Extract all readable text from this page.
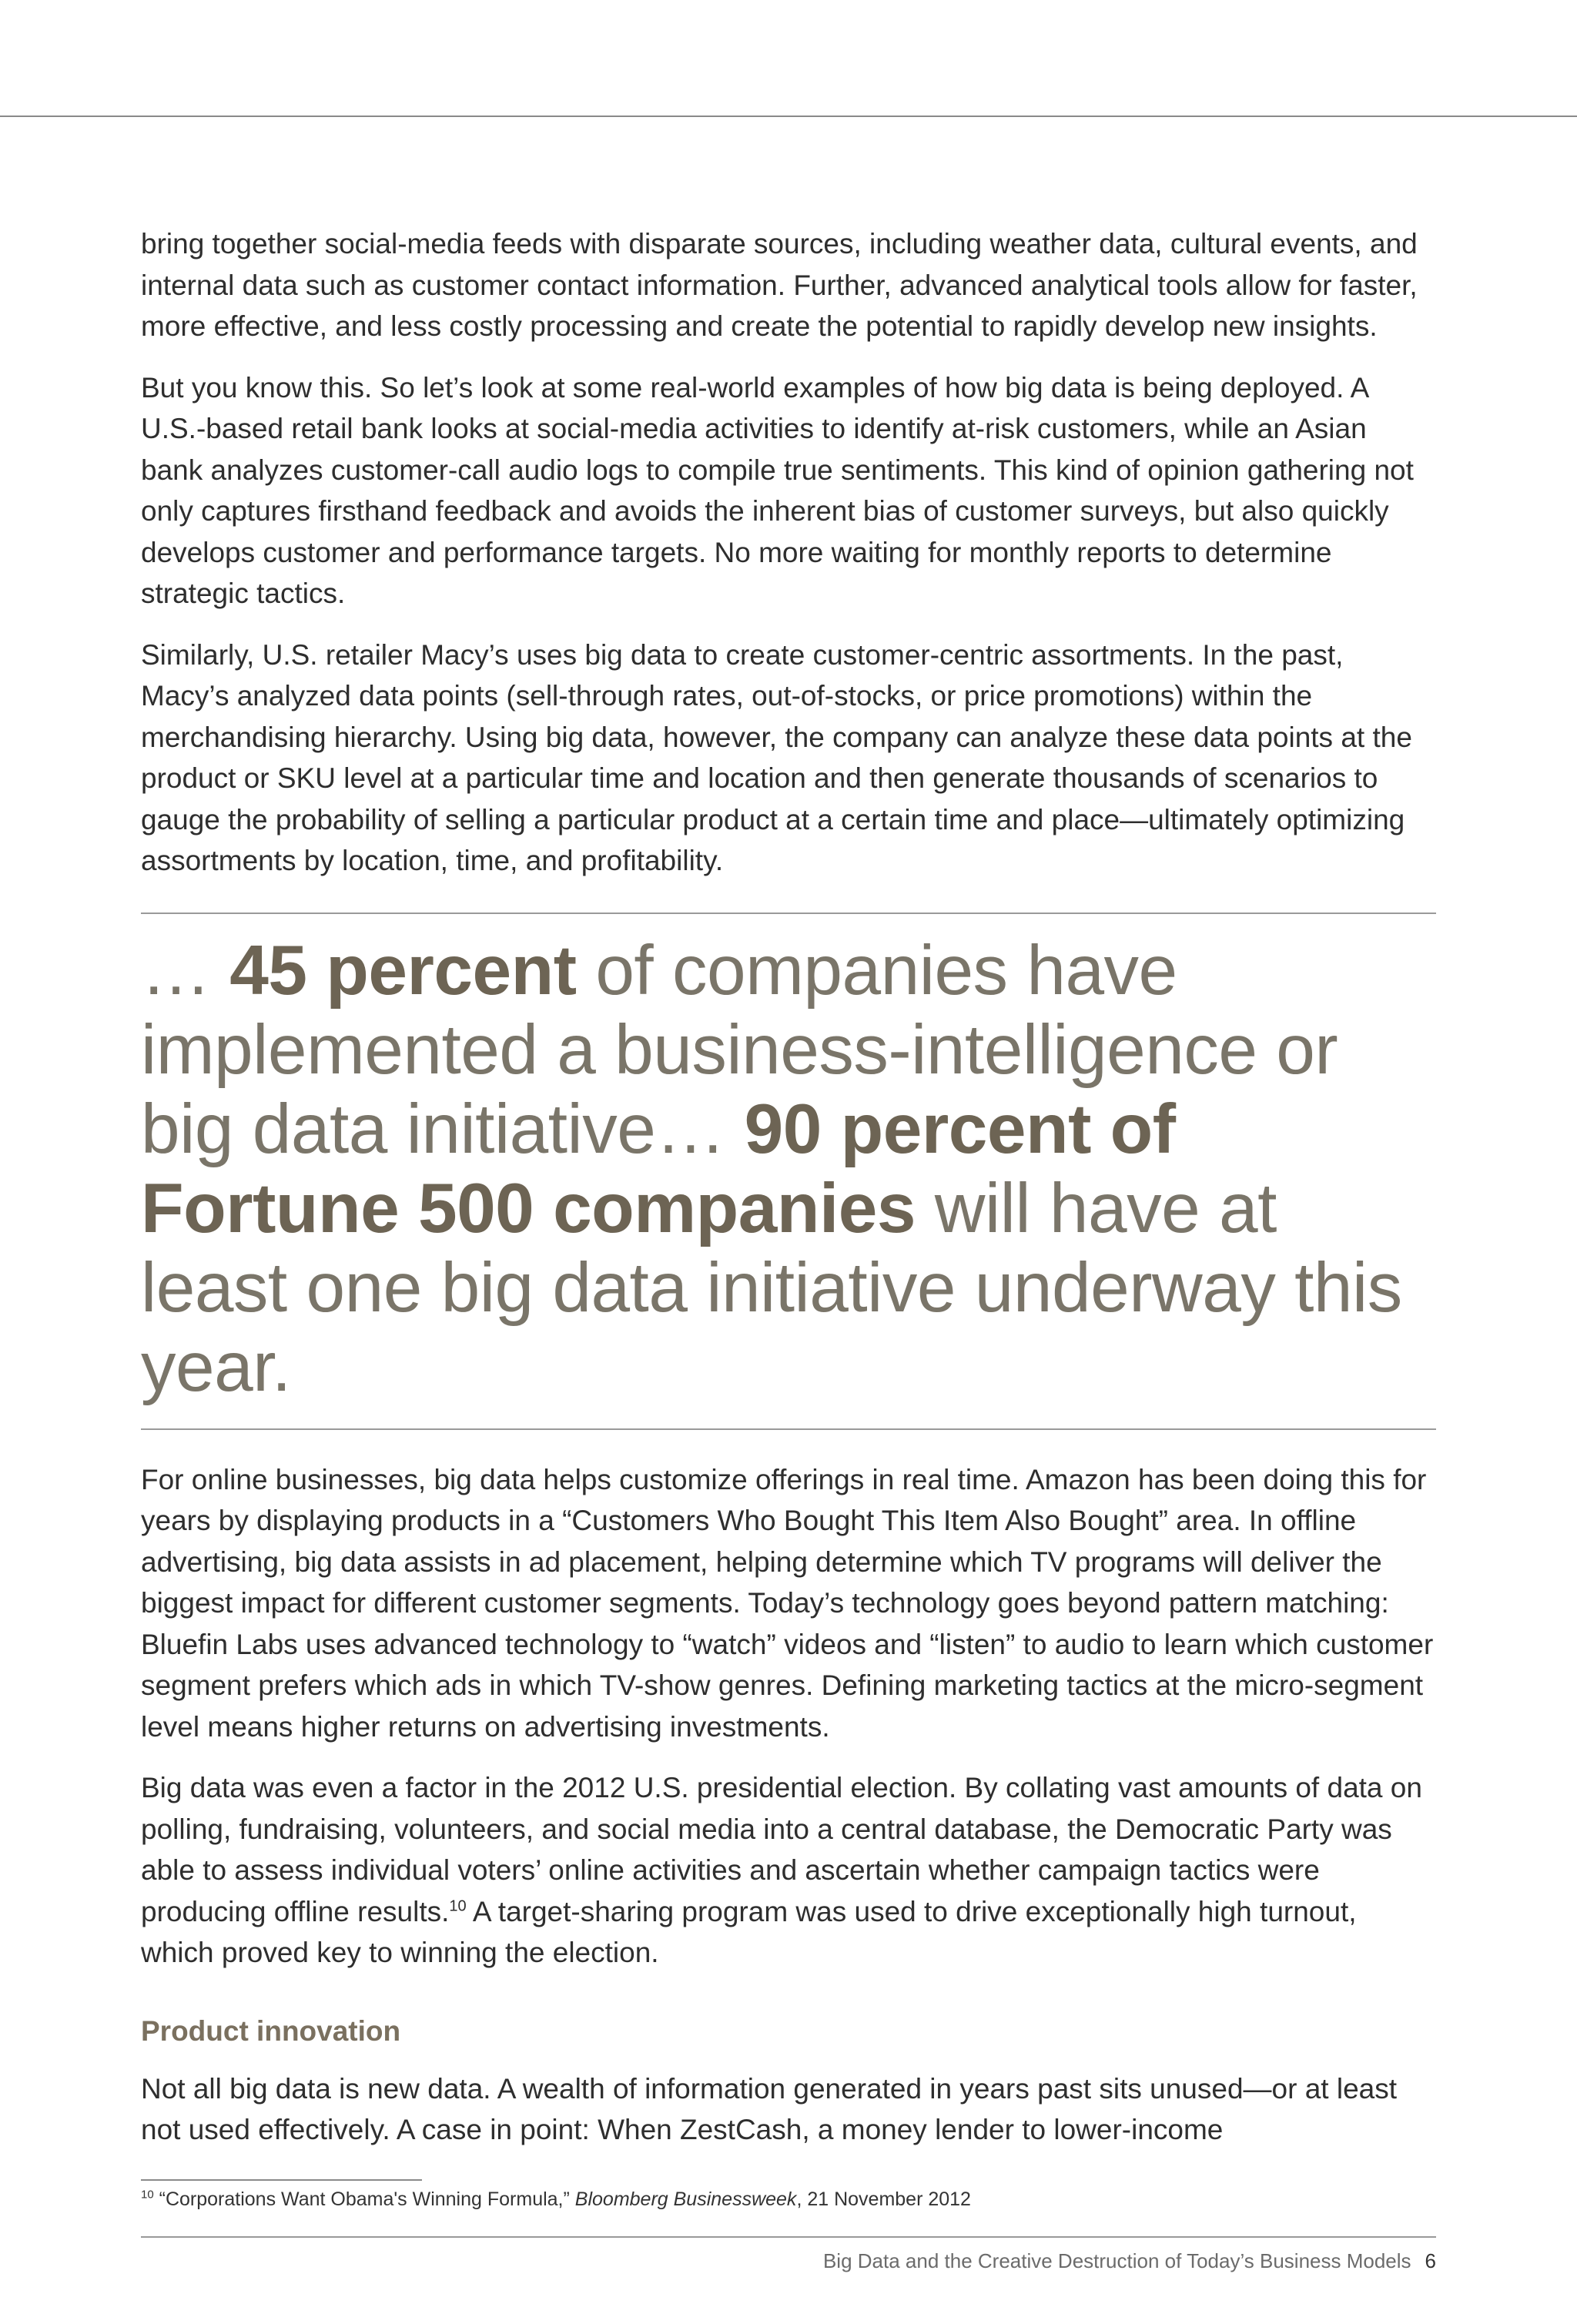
bring together social-media feeds with disparate sources, including weather data, cultural events, and internal data such as customer contact information. Further, advanced analytical tools allow for faster, more effective, and less costly processing and create the potential to rapidly develop new insights.

But you know this. So let’s look at some real-world examples of how big data is being deployed. A U.S.-based retail bank looks at social-media activities to identify at-risk customers, while an Asian bank analyzes customer-call audio logs to compile true sentiments. This kind of opinion gathering not only captures firsthand feedback and avoids the inherent bias of customer surveys, but also quickly develops customer and performance targets. No more waiting for monthly reports to determine strategic tactics.

Similarly, U.S. retailer Macy’s uses big data to create customer-centric assortments. In the past, Macy’s analyzed data points (sell-through rates, out-of-stocks, or price promotions) within the merchandising hierarchy. Using big data, however, the company can analyze these data points at the product or SKU level at a particular time and location and then generate thousands of scenarios to gauge the probability of selling a particular product at a certain time and place—ultimately optimizing assortments by location, time, and profitability.

… 45 percent of companies have implemented a business-intelligence or big data initiative… 90 percent of Fortune 500 companies will have at least one big data initiative underway this year.

For online businesses, big data helps customize offerings in real time. Amazon has been doing this for years by displaying products in a “Customers Who Bought This Item Also Bought” area. In offline advertising, big data assists in ad placement, helping determine which TV programs will deliver the biggest impact for different customer segments. Today’s technology goes beyond pattern matching: Bluefin Labs uses advanced technology to “watch” videos and “listen” to audio to learn which customer segment prefers which ads in which TV-show genres. Defining marketing tactics at the micro-segment level means higher returns on advertising investments.

Big data was even a factor in the 2012 U.S. presidential election. By collating vast amounts of data on polling, fundraising, volunteers, and social media into a central database, the Democratic Party was able to assess individual voters’ online activities and ascertain whether campaign tactics were producing offline results.$^{10}$ A target-sharing program was used to drive exceptionally high turnout, which proved key to winning the election.

Product innovation

Not all big data is new data. A wealth of information generated in years past sits unused—or at least not used effectively. A case in point: When ZestCash, a money lender to lower-income

$^{10}$ “Corporations Want Obama's Winning Formula,” Bloomberg Businessweek, 21 November 2012
Big Data and the Creative Destruction of Today’s Business Models 6
